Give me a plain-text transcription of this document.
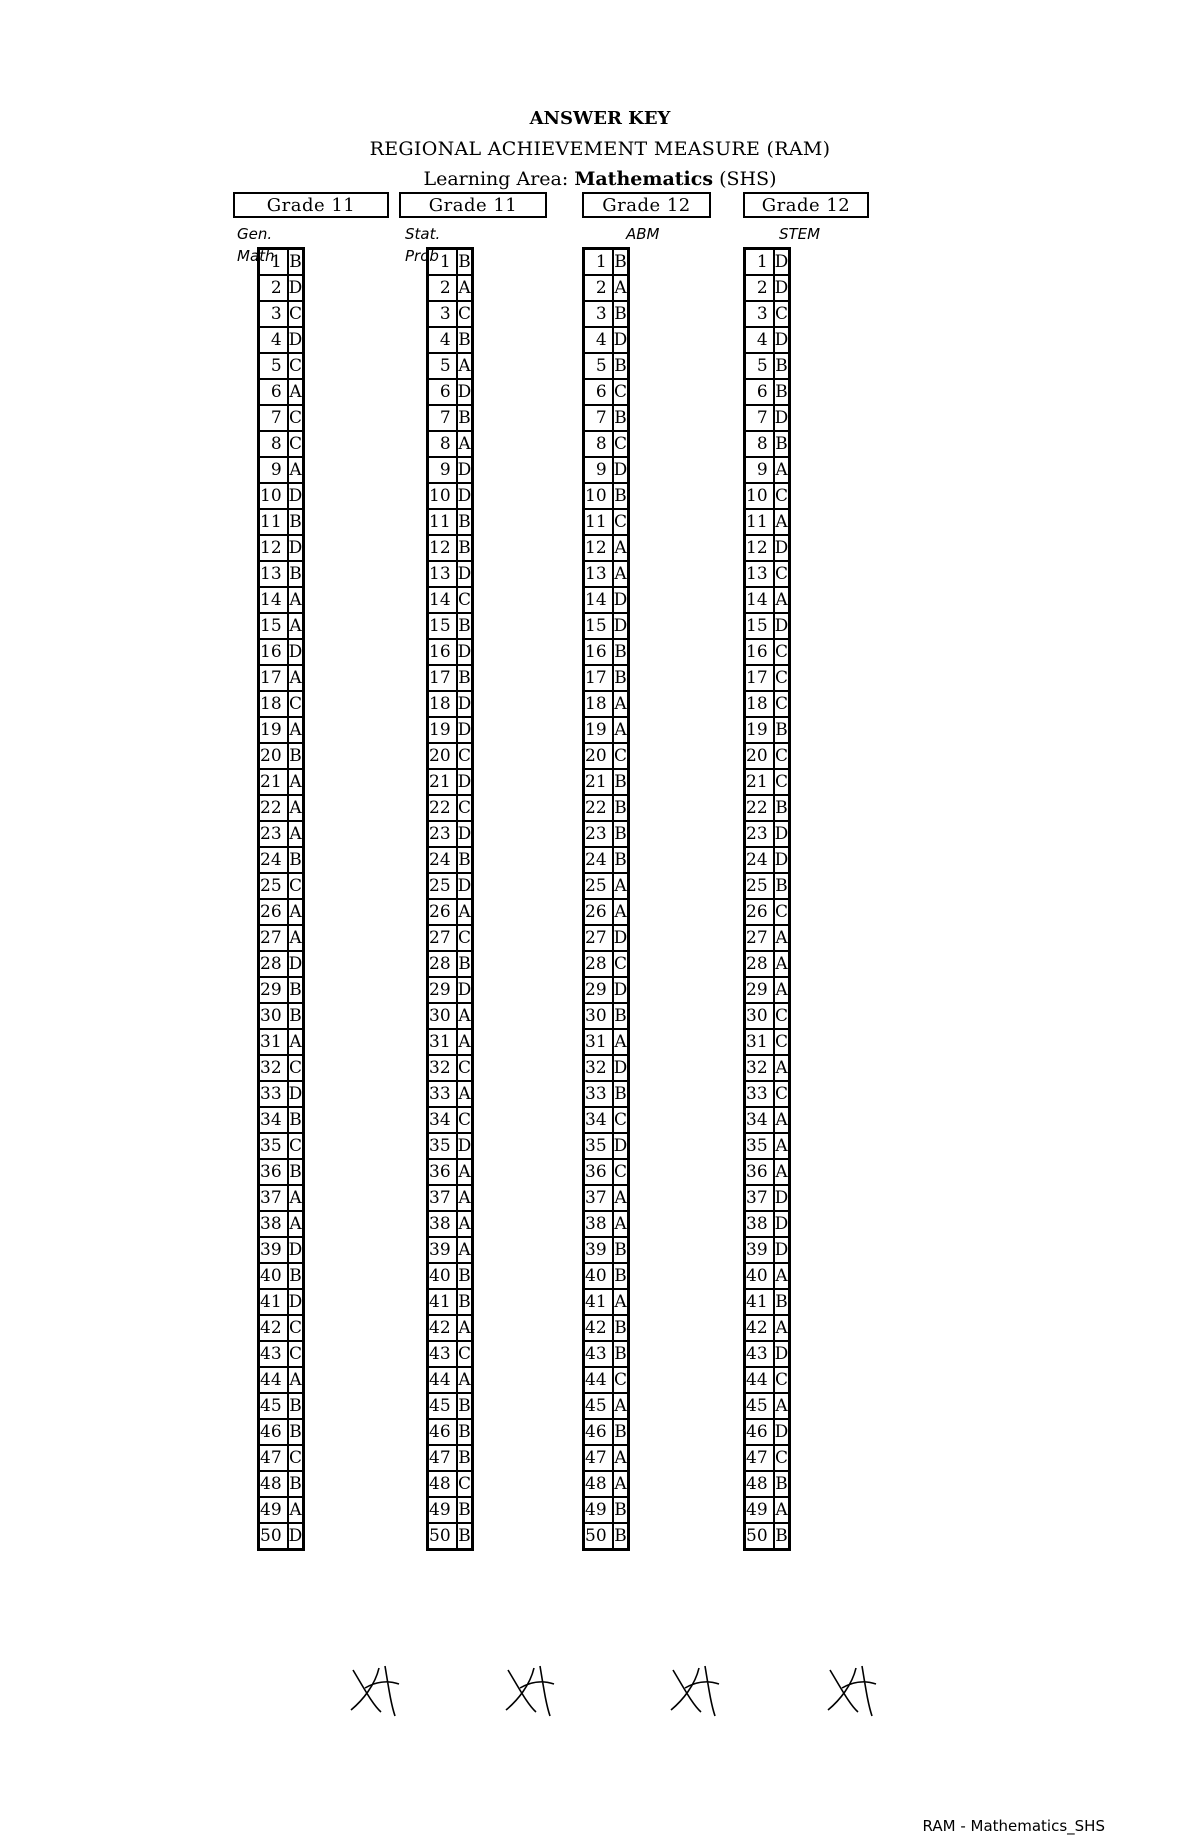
ANSWER KEY
REGIONAL ACHIEVEMENT MEASURE (RAM)
Learning Area: Mathematics (SHS)
Grade 11
Gen. Math
1	B
2	D
3	C
4	D
5	C
6	A
7	C
8	C
9	A
10	D
11	B
12	D
13	B
14	A
15	A
16	D
17	A
18	C
19	A
20	B
21	A
22	A
23	A
24	B
25	C
26	A
27	A
28	D
29	B
30	B
31	A
32	C
33	D
34	B
35	C
36	B
37	A
38	A
39	D
40	B
41	D
42	C
43	C
44	A
45	B
46	B
47	C
48	B
49	A
50	D
Grade 11
Stat. Prob 1	B
2	A
3	C
4	B
5	A
6	D
7	B
8	A
9	D
10	D
11	B
12	B
13	D
14	C
15	B
16	D
17	B
18	D
19	D
20	C
21	D
22	C
23	D
24	B
25	D
26	A
27	C
28	B
29	D
30	A
31	A
32	C
33	A
34	C
35	D
36	A
37	A
38	A
39	A
40	B
41	B
42	A
43	C
44	A
45	B
46	B
47	B
48	C
49	B
50	B
Grade 12
ABM
1	B
2	A
3	B
4	D
5	B
6	C
7	B
8	C
9	D
10	B
11	C
12	A
13	A
14	D
15	D
16	B
17	B
18	A
19	A
20	C
21	B
22	B
23	B
24	B
25	A
26	A
27	D
28	C
29	D
30	B
31	A
32	D
33	B
34	C
35	D
36	C
37	A
38	A
39	B
40	B
41	A
42	B
43	B
44	C
45	A
46	B
47	A
48	A
49	B
50	B
Grade 12
STEM
1	D
2	D
3	C
4	D
5	B
6	B
7	D
8	B
9	A
10	C
11	A
12	D
13	C
14	A
15	D
16	C
17	C
18	C
19	B
20	C
21	C
22	B
23	D
24	D
25	B
26	C
27	A
28	A
29	A
30	C
31	C
32	A
33	C
34	A
35	A
36	A
37	D
38	D
39	D
40	A
41	B
42	A
43	D
44	C
45	A
46	D
47	C
48	B
49	A
50	B
RAM - Mathematics_SHS
